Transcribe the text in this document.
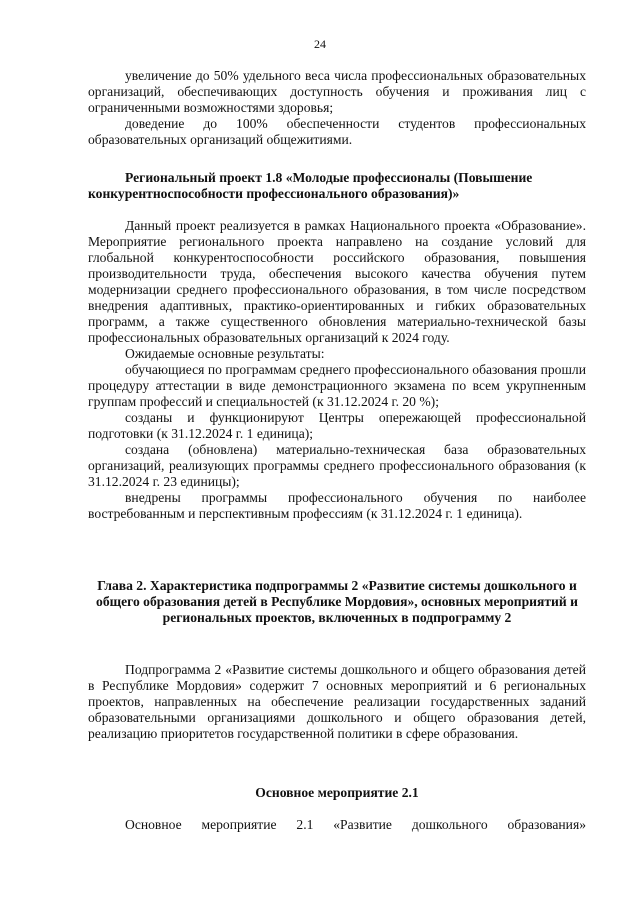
24

увеличение до 50% удельного веса числа профессиональных образовательных организаций, обеспечивающих доступность обучения и проживания лиц с ограниченными возможностями здоровья;

доведение до 100% обеспеченности студентов профессиональных образовательных организаций общежитиями.

Региональный проект 1.8 «Молодые профессионалы (Повышение конкурентноспособности профессионального образования)»

Данный проект реализуется в рамках Национального проекта «Образование». Мероприятие регионального проекта направлено на создание условий для глобальной конкурентоспособности российского образования, повышения производительности труда, обеспечения высокого качества обучения путем модернизации среднего профессионального образования, в том числе посредством внедрения адаптивных, практико-ориентированных и гибких образовательных программ, а также существенного обновления материально-технической базы профессиональных образовательных организаций к 2024 году.

Ожидаемые основные результаты:

обучающиеся по программам среднего профессионального обазования прошли процедуру аттестации в виде демонстрационного экзамена по всем укрупненным группам профессий и специальностей (к 31.12.2024 г. 20 %);

созданы и функционируют Центры опережающей профессиональной подготовки (к 31.12.2024 г. 1 единица);

создана (обновлена) материально-техническая база образовательных организаций, реализующих программы среднего профессионального образования (к 31.12.2024 г. 23 единицы);

внедрены программы профессионального обучения по наиболее востребованным и перспективным профессиям (к 31.12.2024 г. 1 единица).

Глава 2. Характеристика подпрограммы 2 «Развитие системы дошкольного и общего образования детей в Республике Мордовия», основных мероприятий и региональных проектов, включенных в подпрограмму 2

Подпрограмма 2 «Развитие системы дошкольного и общего образования детей в Республике Мордовия» содержит 7 основных мероприятий и 6 региональных проектов, направленных на обеспечение реализации государственных заданий образовательными организациями дошкольного и общего образования детей, реализацию приоритетов государственной политики в сфере образования.

Основное мероприятие 2.1

Основное мероприятие 2.1 «Развитие дошкольного образования»
